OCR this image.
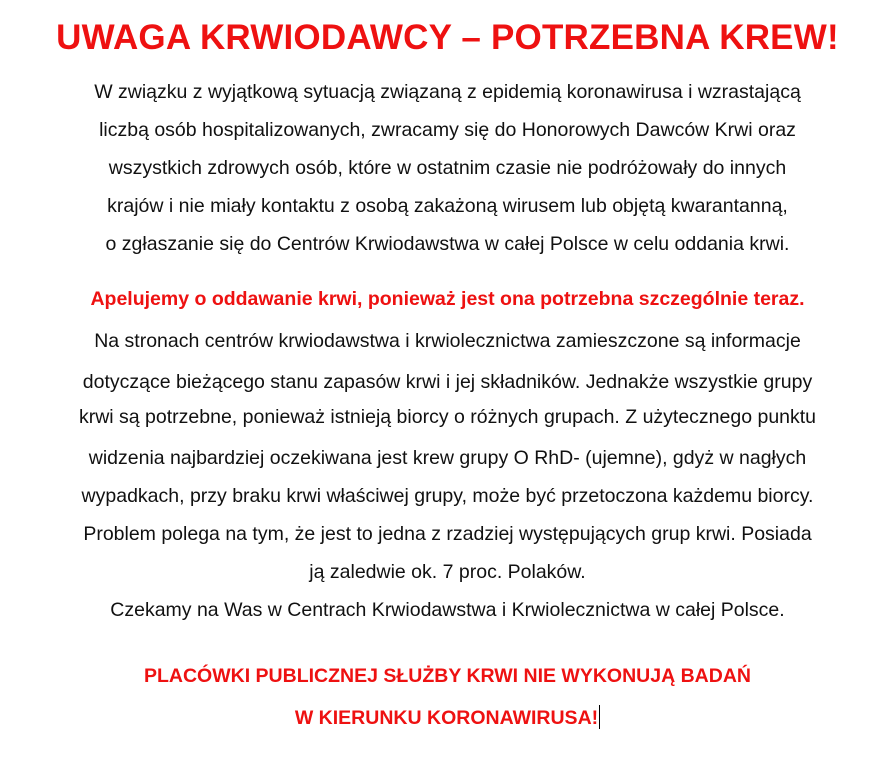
UWAGA KRWIODAWCY – POTRZEBNA KREW!
W związku z wyjątkową sytuacją związaną z epidemią koronawirusa i wzrastającą
liczbą osób hospitalizowanych, zwracamy się do Honorowych Dawców Krwi oraz
wszystkich zdrowych osób, które w ostatnim czasie nie podróżowały do innych
krajów i nie miały kontaktu z osobą zakażoną wirusem lub objętą kwarantanną,
o zgłaszanie się do Centrów Krwiodawstwa w całej Polsce w celu oddania krwi.
Apelujemy o oddawanie krwi, ponieważ jest ona potrzebna szczególnie teraz.
Na stronach centrów krwiodawstwa i krwiolecznictwa zamieszczone są informacje
dotyczące bieżącego stanu zapasów krwi i jej składników. Jednakże wszystkie grupy
krwi są potrzebne, ponieważ istnieją biorcy o różnych grupach. Z użytecznego punktu
widzenia najbardziej oczekiwana jest krew grupy O RhD- (ujemne), gdyż w nagłych
wypadkach, przy braku krwi właściwej grupy, może być przetoczona każdemu biorcy.
Problem polega na tym, że jest to jedna z rzadziej występujących grup krwi. Posiada
ją zaledwie ok. 7 proc. Polaków.
Czekamy na Was w Centrach Krwiodawstwa i Krwiolecznictwa w całej Polsce.
PLACÓWKI PUBLICZNEJ SŁUŻBY KRWI NIE WYKONUJĄ BADAŃ
W KIERUNKU KORONAWIRUSA!
